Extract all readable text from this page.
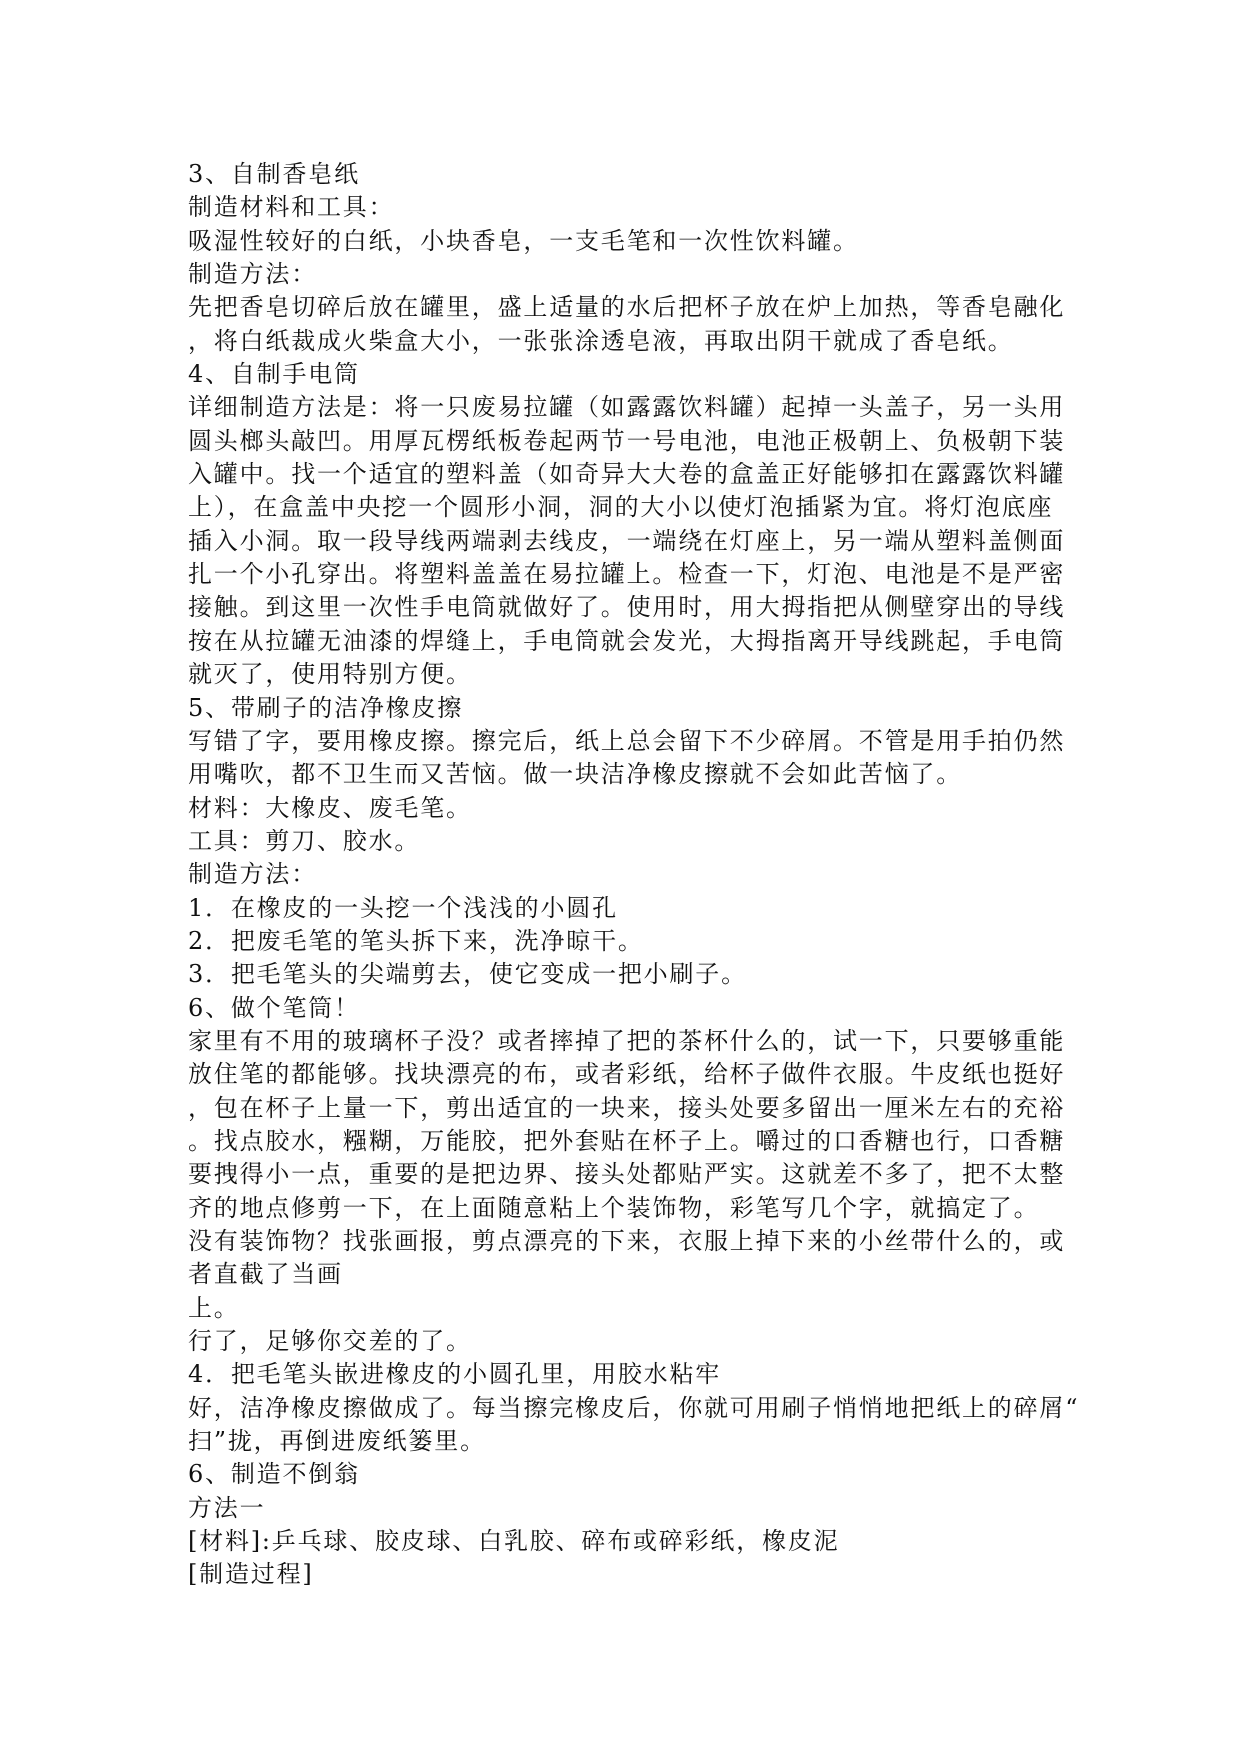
3、自制香皂纸
制造材料和工具：
吸湿性较好的白纸，小块香皂，一支毛笔和一次性饮料罐。
制造方法：
先把香皂切碎后放在罐里，盛上适量的水后把杯子放在炉上加热，等香皂融化
，将白纸裁成火柴盒大小，一张张涂透皂液，再取出阴干就成了香皂纸。
4、自制手电筒
详细制造方法是：将一只废易拉罐（如露露饮料罐）起掉一头盖子，另一头用
圆头榔头敲凹。用厚瓦楞纸板卷起两节一号电池，电池正极朝上、负极朝下装
入罐中。找一个适宜的塑料盖（如奇异大大卷的盒盖正好能够扣在露露饮料罐
上），在盒盖中央挖一个圆形小洞，洞的大小以使灯泡插紧为宜。将灯泡底座
插入小洞。取一段导线两端剥去线皮，一端绕在灯座上，另一端从塑料盖侧面
扎一个小孔穿出。将塑料盖盖在易拉罐上。检查一下，灯泡、电池是不是严密
接触。到这里一次性手电筒就做好了。使用时，用大拇指把从侧壁穿出的导线
按在从拉罐无油漆的焊缝上，手电筒就会发光，大拇指离开导线跳起，手电筒
就灭了，使用特别方便。
5、带刷子的洁净橡皮擦
写错了字，要用橡皮擦。擦完后，纸上总会留下不少碎屑。不管是用手拍仍然
用嘴吹，都不卫生而又苦恼。做一块洁净橡皮擦就不会如此苦恼了。
材料：大橡皮、废毛笔。
工具：剪刀、胶水。
制造方法：
1．在橡皮的一头挖一个浅浅的小圆孔
2．把废毛笔的笔头拆下来，洗净晾干。
3．把毛笔头的尖端剪去，使它变成一把小刷子。
6、做个笔筒！
家里有不用的玻璃杯子没？或者摔掉了把的茶杯什么的，试一下，只要够重能
放住笔的都能够。找块漂亮的布，或者彩纸，给杯子做件衣服。牛皮纸也挺好
，包在杯子上量一下，剪出适宜的一块来，接头处要多留出一厘米左右的充裕
。找点胶水，糨糊，万能胶，把外套贴在杯子上。嚼过的口香糖也行，口香糖
要拽得小一点，重要的是把边界、接头处都贴严实。这就差不多了，把不太整
齐的地点修剪一下，在上面随意粘上个装饰物，彩笔写几个字，就搞定了。
没有装饰物？找张画报，剪点漂亮的下来，衣服上掉下来的小丝带什么的，或
者直截了当画
上。
行了，足够你交差的了。
4．把毛笔头嵌进橡皮的小圆孔里，用胶水粘牢
好，洁净橡皮擦做成了。每当擦完橡皮后，你就可用刷子悄悄地把纸上的碎屑“
扫”拢，再倒进废纸篓里。
6、制造不倒翁
方法一
[材料]:乒乓球、胶皮球、白乳胶、碎布或碎彩纸，橡皮泥
[制造过程]
